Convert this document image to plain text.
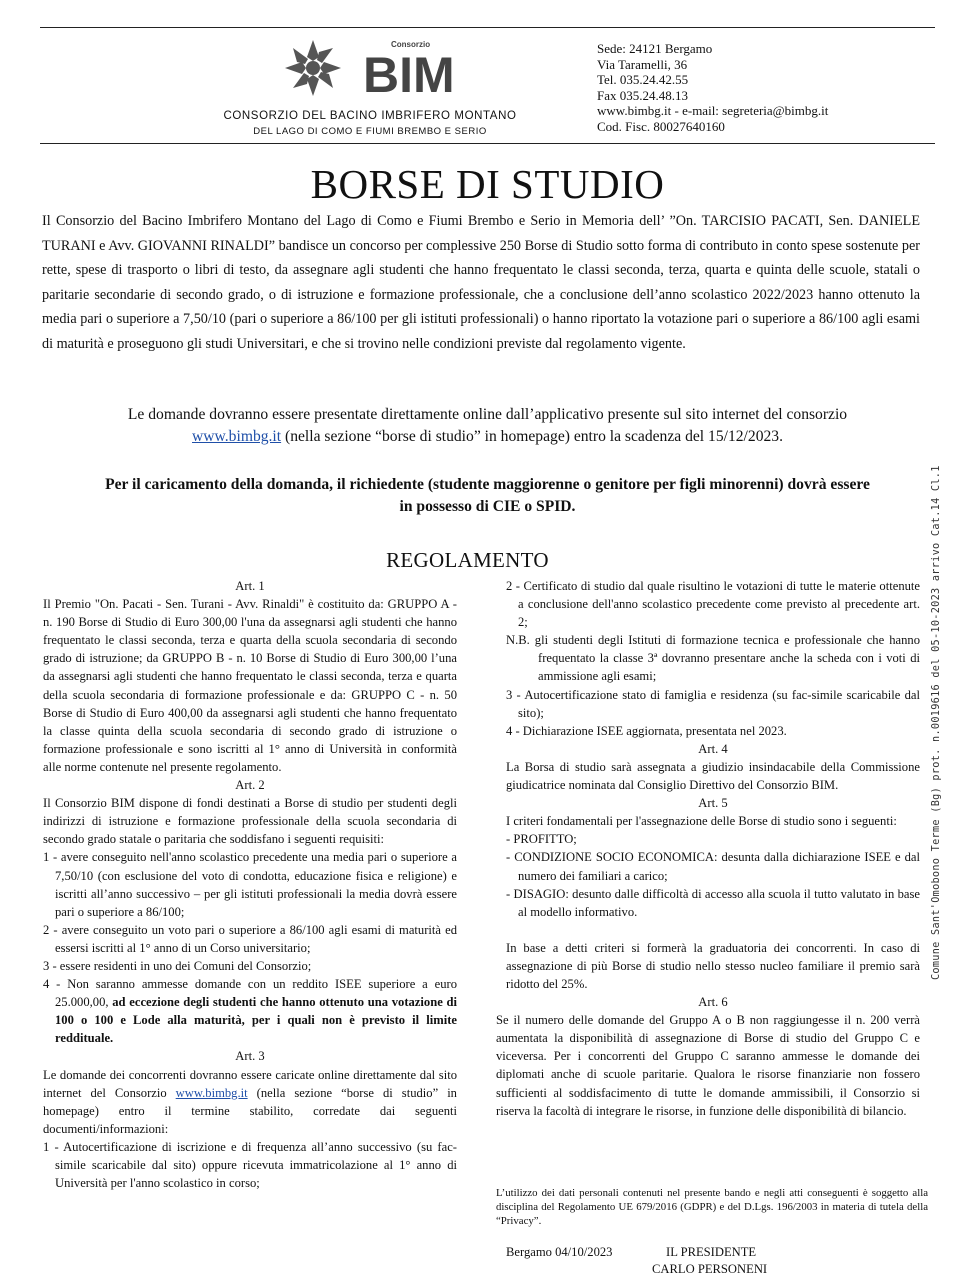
BIM
Consorzio
CONSORZIO DEL BACINO IMBRIFERO MONTANO
DEL LAGO DI COMO E FIUMI BREMBO E SERIO
Sede: 24121 Bergamo
Via Taramelli, 36
Tel. 035.24.42.55
Fax 035.24.48.13
www.bimbg.it - e-mail: segreteria@bimbg.it
Cod. Fisc. 80027640160
BORSE DI STUDIO
Il Consorzio del Bacino Imbrifero Montano del Lago di Como e Fiumi Brembo e Serio in Memoria dell’ ”On. TARCISIO PACATI, Sen. DANIELE TURANI e Avv. GIOVANNI RINALDI” bandisce un concorso per complessive 250 Borse di Studio sotto forma di contributo in conto spese sostenute per rette, spese di trasporto o libri di testo, da assegnare agli studenti che hanno frequentato le classi seconda, terza, quarta e quinta delle scuole, statali o paritarie secondarie di secondo grado, o di istruzione e formazione professionale, che a conclusione dell’anno scolastico 2022/2023 hanno ottenuto la media pari o superiore a 7,50/10 (pari o superiore a 86/100 per gli istituti professionali) o hanno riportato la votazione pari o superiore a 86/100 agli esami di maturità e proseguono gli studi Universitari, e che si trovino nelle condizioni previste dal regolamento vigente.
Le domande dovranno essere presentate direttamente online dall’applicativo presente sul sito internet del consorzio www.bimbg.it (nella sezione “borse di studio” in homepage) entro la scadenza del 15/12/2023.
Per il caricamento della domanda, il richiedente (studente maggiorenne o genitore per figli minorenni) dovrà essere in possesso di CIE o SPID.
REGOLAMENTO
Art. 1
Il Premio "On. Pacati - Sen. Turani - Avv. Rinaldi" è costituito da: GRUPPO A - n. 190 Borse di Studio di Euro 300,00 l'una da assegnarsi agli studenti che hanno frequentato le classi seconda, terza e quarta della scuola secondaria di secondo grado di istruzione; da GRUPPO B - n. 10 Borse di Studio di Euro 300,00 l’una da assegnarsi agli studenti che hanno frequentato le classi seconda, terza e quarta della scuola secondaria di formazione professionale e da: GRUPPO C - n. 50 Borse di Studio di Euro 400,00 da assegnarsi agli studenti che hanno frequentato la classe quinta della scuola secondaria di secondo grado di istruzione o formazione professionale e sono iscritti al 1° anno di Università in conformità alle norme contenute nel presente regolamento.
Art. 2
Il Consorzio BIM dispone di fondi destinati a Borse di studio per studenti degli indirizzi di istruzione e formazione professionale della scuola secondaria di secondo grado statale o paritaria che soddisfano i seguenti requisiti:
1 - avere conseguito nell'anno scolastico precedente una media pari o superiore a 7,50/10 (con esclusione del voto di condotta, educazione fisica e religione) e iscritti all’anno successivo – per gli istituti professionali la media dovrà essere pari o superiore a 86/100;
2 - avere conseguito un voto pari o superiore a 86/100 agli esami di maturità ed essersi iscritti al 1° anno di un Corso universitario;
3 - essere residenti in uno dei Comuni del Consorzio;
4 - Non saranno ammesse domande con un reddito ISEE superiore a euro 25.000,00, ad eccezione degli studenti che hanno ottenuto una votazione di 100 o 100 e Lode alla maturità, per i quali non è previsto il limite reddituale.
Art. 3
Le domande dei concorrenti dovranno essere caricate online direttamente dal sito internet del Consorzio www.bimbg.it (nella sezione “borse di studio” in homepage) entro il termine stabilito, corredate dai seguenti documenti/informazioni:
1 - Autocertificazione di iscrizione e di frequenza all’anno successivo (su fac-simile scaricabile dal sito) oppure ricevuta immatricolazione al 1° anno di Università per l'anno scolastico in corso;
2 - Certificato di studio dal quale risultino le votazioni di tutte le materie ottenute a conclusione dell'anno scolastico precedente come previsto al precedente art. 2;
N.B. gli studenti degli Istituti di formazione tecnica e professionale che hanno frequentato la classe 3ª dovranno presentare anche la scheda con i voti di ammissione agli esami;
3 - Autocertificazione stato di famiglia e residenza (su fac-simile scaricabile dal sito);
4 - Dichiarazione ISEE aggiornata, presentata nel 2023.
Art. 4
La Borsa di studio sarà assegnata a giudizio insindacabile della Commissione giudicatrice nominata dal Consiglio Direttivo del Consorzio BIM.
Art. 5
I criteri fondamentali per l'assegnazione delle Borse di studio sono i seguenti:
- PROFITTO;
- CONDIZIONE SOCIO ECONOMICA: desunta dalla dichiarazione ISEE e dal numero dei familiari a carico;
- DISAGIO: desunto dalle difficoltà di accesso alla scuola il tutto valutato in base al modello informativo.
In base a detti criteri si formerà la graduatoria dei concorrenti. In caso di assegnazione di più Borse di studio nello stesso nucleo familiare il premio sarà ridotto del 25%.
Art. 6
Se il numero delle domande del Gruppo A o B non raggiungesse il n. 200 verrà aumentata la disponibilità di assegnazione di Borse di studio del Gruppo C e viceversa. Per i concorrenti del Gruppo C saranno ammesse le domande dei diplomati anche di scuole paritarie. Qualora le risorse finanziarie non fossero sufficienti al soddisfacimento di tutte le domande ammissibili, il Consorzio si riserva la facoltà di integrare le risorse, in funzione delle disponibilità di bilancio.
L’utilizzo dei dati personali contenuti nel presente bando e negli atti conseguenti è soggetto alla disciplina del Regolamento UE 679/2016 (GDPR) e del D.Lgs. 196/2003 in materia di tutela della “Privacy”.
Bergamo 04/10/2023	IL PRESIDENTE
CARLO PERSONENI
Comune Sant'Omobono Terme (Bg) prot. n.0019616 del 05-10-2023 arrivo Cat.14 Cl.1
